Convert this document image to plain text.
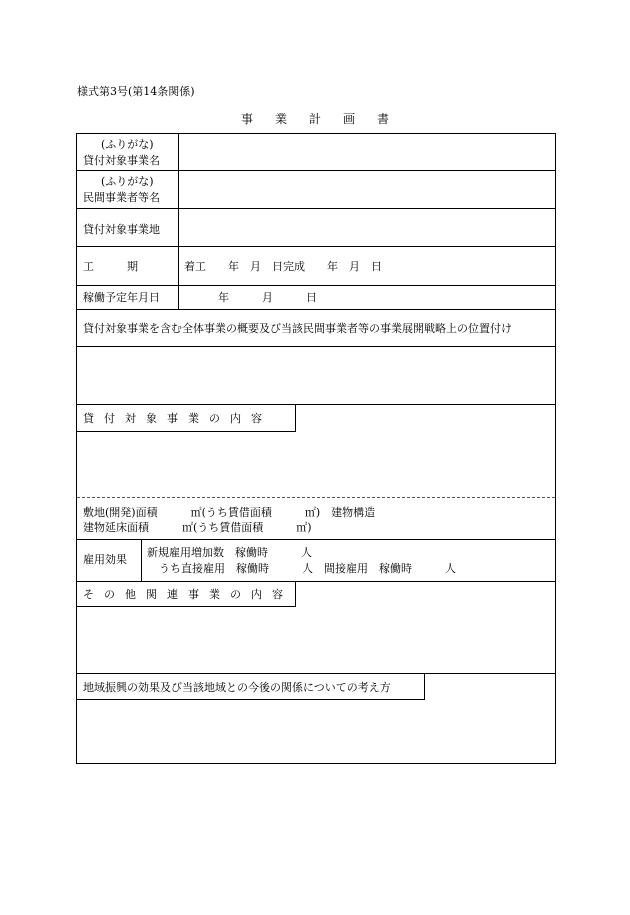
様式第3号(第14条関係)
事業計画書
(ふりがな)
貸付対象事業名
(ふりがな)
民間事業者等名
貸付対象事業地
工　　　期	着工　　年　月　日完成　　年　月　日
稼働予定年月日	年　　　月　　　日
貸付対象事業を含む全体事業の概要及び当該民間事業者等の事業展開戦略上の位置付け
貸付対象事業の内容
敷地(開発)面積　　　㎡(うち賃借面積　　　㎡)　建物構造
建物延床面積　　　㎡(うち賃借面積　　　㎡)
雇用効果
新規雇用増加数　稼働時　　　人
うち直接雇用　稼働時　　　人　間接雇用　稼働時　　　人
その他関連事業の内容
地域振興の効果及び当該地域との今後の関係についての考え方
